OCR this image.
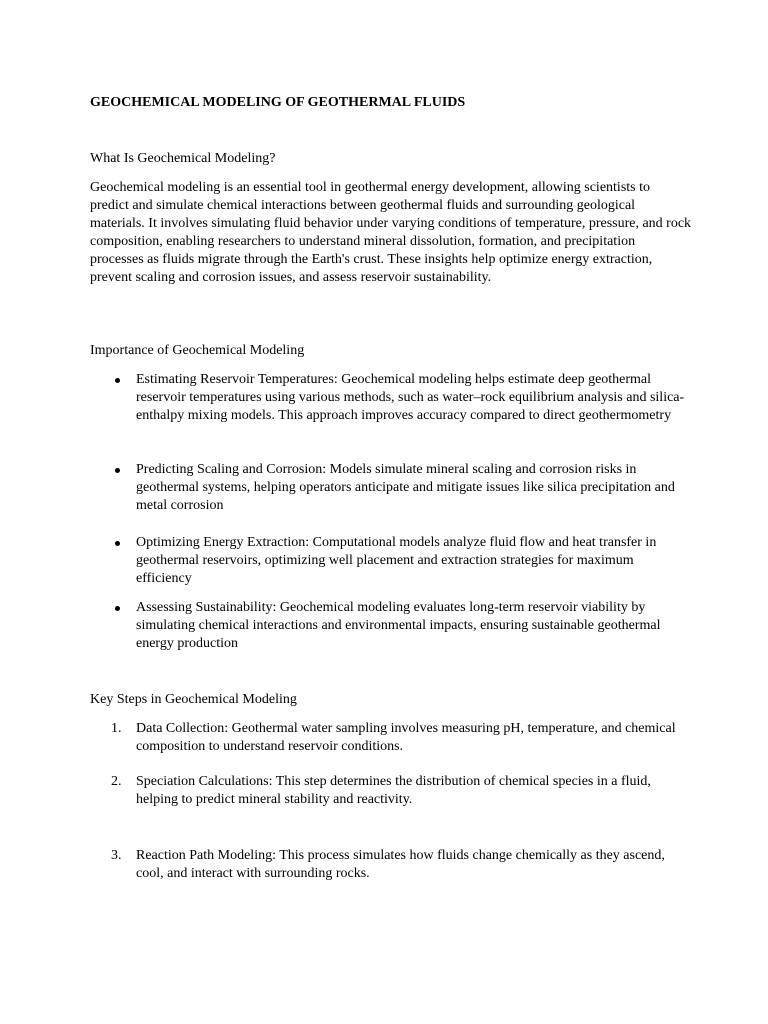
GEOCHEMICAL MODELING OF GEOTHERMAL FLUIDS
What Is Geochemical Modeling?

Geochemical modeling is an essential tool in geothermal energy development, allowing scientists to predict and simulate chemical interactions between geothermal fluids and surrounding geological materials. It involves simulating fluid behavior under varying conditions of temperature, pressure, and rock composition, enabling researchers to understand mineral dissolution, formation, and precipitation processes as fluids migrate through the Earth's crust. These insights help optimize energy extraction, prevent scaling and corrosion issues, and assess reservoir sustainability.

Importance of Geochemical Modeling
Estimating Reservoir Temperatures: Geochemical modeling helps estimate deep geothermal reservoir temperatures using various methods, such as water–rock equilibrium analysis and silica-enthalpy mixing models. This approach improves accuracy compared to direct geothermometry
Predicting Scaling and Corrosion: Models simulate mineral scaling and corrosion risks in geothermal systems, helping operators anticipate and mitigate issues like silica precipitation and metal corrosion
Optimizing Energy Extraction: Computational models analyze fluid flow and heat transfer in geothermal reservoirs, optimizing well placement and extraction strategies for maximum efficiency
Assessing Sustainability: Geochemical modeling evaluates long-term reservoir viability by simulating chemical interactions and environmental impacts, ensuring sustainable geothermal energy production
Key Steps in Geochemical Modeling
1.	Data Collection: Geothermal water sampling involves measuring pH, temperature, and chemical composition to understand reservoir conditions.
2.	Speciation Calculations: This step determines the distribution of chemical species in a fluid, helping to predict mineral stability and reactivity.
3.	Reaction Path Modeling: This process simulates how fluids change chemically as they ascend, cool, and interact with surrounding rocks.
